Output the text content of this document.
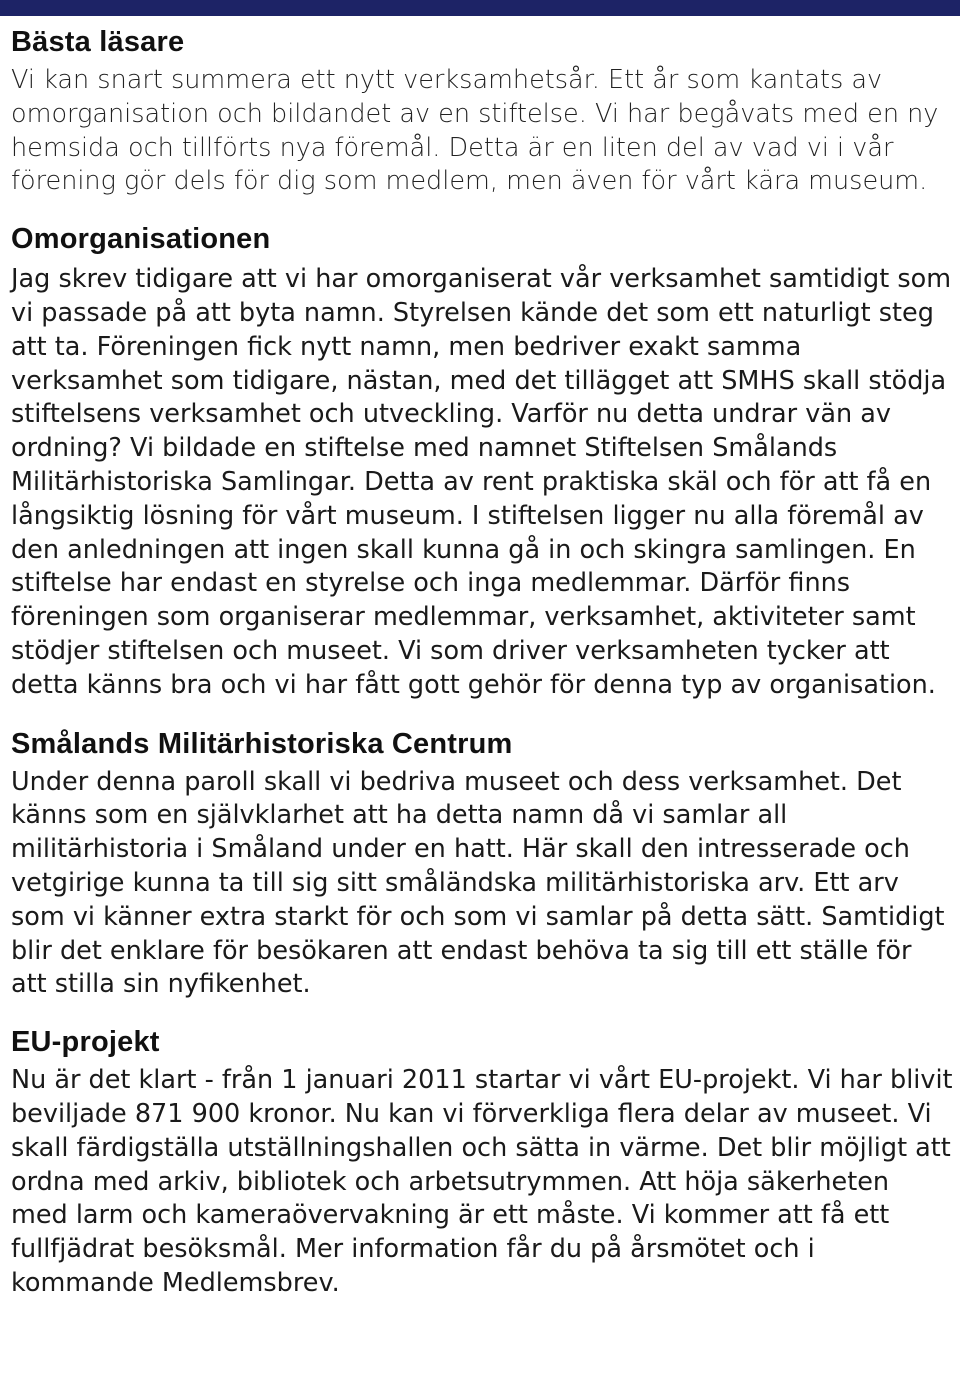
Bästa läsare

Vi kan snart summera ett nytt verksamhetsår. Ett år som kantats av omorganisation och bildandet av en stiftelse. Vi har begåvats med en ny hemsida och tillförts nya föremål. Detta är en liten del av vad vi i vår förening gör dels för dig som medlem, men även för vårt kära museum.

Omorganisationen

Jag skrev tidigare att vi har omorganiserat vår verksamhet samtidigt som vi passade på att byta namn. Styrelsen kände det som ett naturligt steg att ta. Föreningen fick nytt namn, men bedriver exakt samma verksamhet som tidigare, nästan, med det tillägget att SMHS skall stödja stiftelsens verksamhet och utveckling. Varför nu detta undrar vän av ordning? Vi bildade en stiftelse med namnet Stiftelsen Smålands Militärhistoriska Samlingar. Detta av rent praktiska skäl och för att få en långsiktig lösning för vårt museum. I stiftelsen ligger nu alla föremål av den anledningen att ingen skall kunna gå in och skingra samlingen. En stiftelse har endast en styrelse och inga medlemmar. Därför finns föreningen som organiserar medlemmar, verksamhet, aktiviteter samt stödjer stiftelsen och museet. Vi som driver verksamheten tycker att detta känns bra och vi har fått gott gehör för denna typ av organisation.

Smålands Militärhistoriska Centrum

Under denna paroll skall vi bedriva museet och dess verksamhet. Det känns som en självklarhet att ha detta namn då vi samlar all militärhistoria i Småland under en hatt. Här skall den intresserade och vetgirige kunna ta till sig sitt småländska militärhistoriska arv. Ett arv som vi känner extra starkt för och som vi samlar på detta sätt. Samtidigt blir det enklare för besökaren att endast behöva ta sig till ett ställe för att stilla sin nyfikenhet.

EU-projekt

Nu är det klart - från 1 januari 2011 startar vi vårt EU-projekt. Vi har blivit beviljade 871 900 kronor. Nu kan vi förverkliga flera delar av museet. Vi skall färdigställa utställningshallen och sätta in värme. Det blir möjligt att ordna med arkiv, bibliotek och arbetsutrymmen. Att höja säkerheten med larm och kameraövervakning är ett måste. Vi kommer att få ett fullfjädrat besöksmål. Mer information får du på årsmötet och i kommande Medlemsbrev.
